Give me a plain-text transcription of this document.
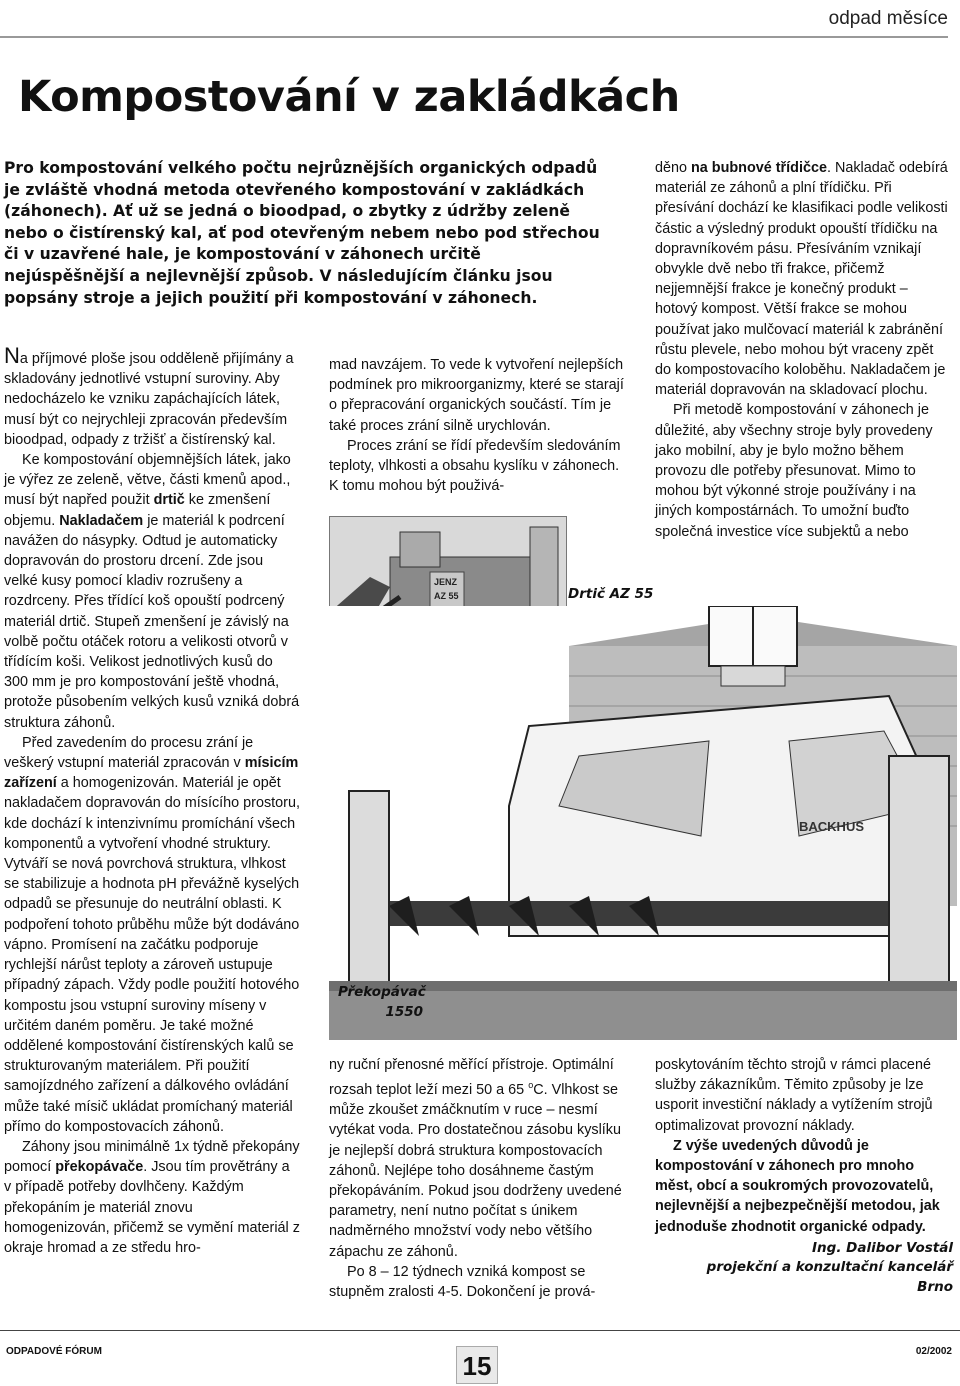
odpad měsíce
Kompostování v zakládkách
Pro kompostování velkého počtu nejrůznějších organických odpadů je zvláště vhodná metoda otevřeného kompostování v zakládkách (záhonech). Ať už se jedná o bioodpad, o zbytky z údržby zeleně nebo o čistírenský kal, ať pod otevřeným nebem nebo pod střechou či v uzavřené hale, je kompostování v záhonech určitě nejúspěšnější a nejlevnější způsob. V následujícím článku jsou popsány stroje a jejich použití při kompostování v záhonech.

Na příjmové ploše jsou odděleně přijímány a skladovány jednotlivé vstupní suroviny. Aby nedocházelo ke vzniku zapáchajících látek, musí být co nejrychleji zpracován především bioodpad, odpady z tržišť a čistírenský kal.

Ke kompostování objemnějších látek, jako je výřez ze zeleně, větve, části kmenů apod., musí být napřed použit drtič ke zmenšení objemu. Nakladačem je materiál k podrcení navážen do násypky. Odtud je automaticky dopravován do prostoru drcení. Zde jsou velké kusy pomocí kladiv rozrušeny a rozdrceny. Přes třídící koš opouští podrcený materiál drtič. Stupeň zmenšení je závislý na volbě počtu otáček rotoru a velikosti otvorů v třídícím koši. Velikost jednotlivých kusů do 300 mm je pro kompostování ještě vhodná, protože působením velkých kusů vzniká dobrá struktura záhonů.

Před zavedením do procesu zrání je veškerý vstupní materiál zpracován v mísicím zařízení a homogenizován. Materiál je opět nakladačem dopravován do mísícího prostoru, kde dochází k intenzivnímu promíchání všech komponentů a vytvoření vhodné struktury. Vytváří se nová povrchová struktura, vlhkost se stabilizuje a hodnota pH převážně kyselých odpadů se přesunuje do neutrální oblasti. K podpoření tohoto průběhu může být dodáváno vápno. Promísení na začátku podporuje rychlejší nárůst teploty a zároveň ustupuje případný zápach. Vždy podle použití hotového kompostu jsou vstupní suroviny míseny v určitém daném poměru. Je také možné oddělené kompostování čistírenských kalů se strukturovaným materiálem. Při použití samojízdného zařízení a dálkového ovládání může také mísič ukládat promíchaný materiál přímo do kompostovacích záhonů.

Záhony jsou minimálně 1x týdně překopány pomocí překopávače. Jsou tím provětrány a v případě potřeby dovlhčeny. Každým překopáním je materiál znovu homogenizován, přičemž se vymění materiál z okraje hromad a ze středu hro-

mad navzájem. To vede k vytvoření nejlepších podmínek pro mikroorganizmy, které se starají o přepracování organických součástí. Tím je také proces zrání silně urychlován.

Proces zrání se řídí především sledováním teploty, vlhkosti a obsahu kyslíku v záhonech. K tomu mohou být použivá-

děno na bubnové třídičce. Nakladač odebírá materiál ze záhonů a plní třídičku. Při přesívání dochází ke klasifikaci podle velikosti částic a výsledný produkt opouští třídičku na dopravníkovém pásu. Přesíváním vznikají obvykle dvě nebo tři frakce, přičemž nejjemnější frakce je konečný produkt – hotový kompost. Větší frakce se mohou používat jako mulčovací materiál k zabránění růstu plevele, nebo mohou být vraceny zpět do kompostovacího koloběhu. Nakladačem je materiál dopravován na skladovací plochu.

Při metodě kompostování v záhonech je důležité, aby všechny stroje byly provedeny jako mobilní, aby je bylo možno během provozu dle potřeby přesunovat. Mimo to mohou být výkonné stroje používány i na jiných kompostárnách. To umožní buďto společná investice více subjektů a nebo

JENZ
AZ 55
BACKHUS
Drtič AZ 55
Překopávač
1550

ny ruční přenosné měřící přístroje. Optimální rozsah teplot leží mezi 50 a 65 $^o$C. Vlhkost se může zkoušet zmáčknutím v ruce – nesmí vytékat voda. Pro dostatečnou zásobu kyslíku je nejlepší dobrá struktura kompostovacích záhonů. Nejlépe toho dosáhneme častým překopáváním. Pokud jsou dodrženy uvedené parametry, není nutno počítat s únikem nadměrného množství vody nebo většího zápachu ze záhonů.

Po 8 – 12 týdnech vzniká kompost se stupněm zralosti 4-5. Dokončení je prová-

poskytováním těchto strojů v rámci placené služby zákazníkům. Těmito způsoby je lze usporit investiční náklady a vytížením strojů optimalizovat provozní náklady.

Z výše uvedených důvodů je kompostování v záhonech pro mnoho měst, obcí a soukromých provozovatelů, nejlevnější a nejbezpečnější metodou, jak jednoduše zhodnotit organické odpady.

Ing. Dalibor Vostál
projekční a konzultační kancelář
Brno
ODPADOVÉ FÓRUM	15	02/2002
